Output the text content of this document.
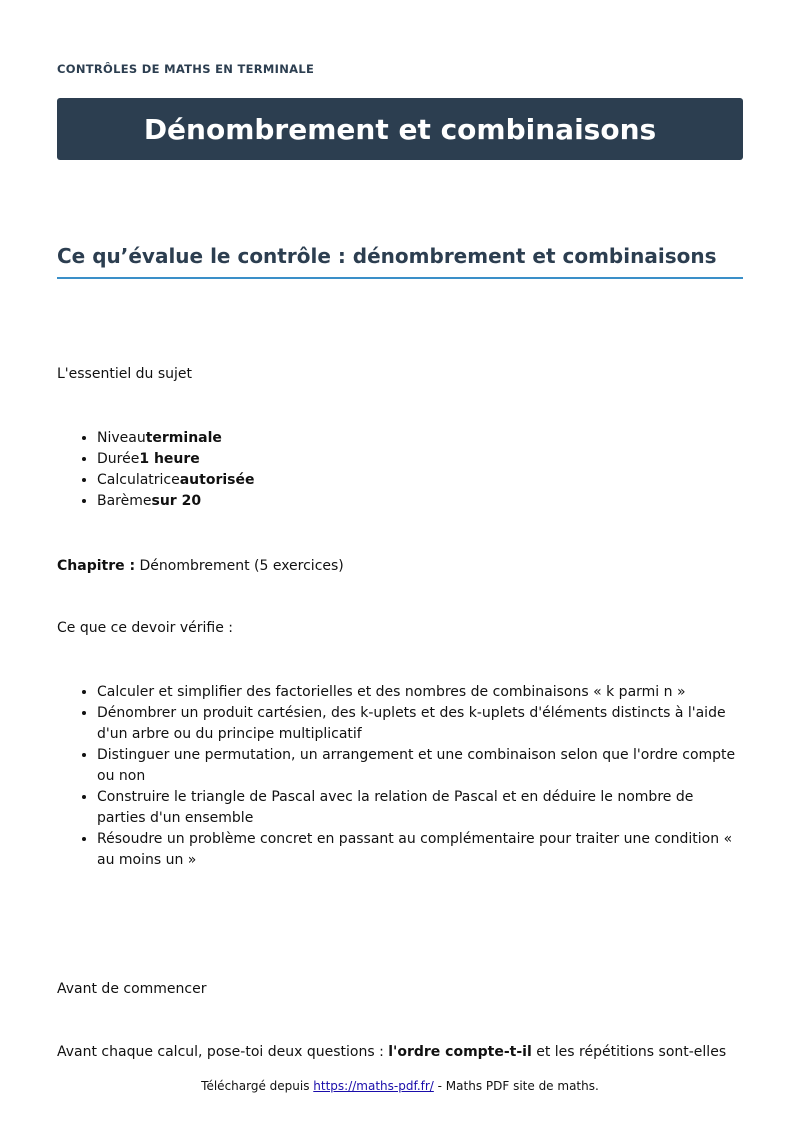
CONTRÔLES DE MATHS EN TERMINALE
Dénombrement et combinaisons
Ce qu’évalue le contrôle : dénombrement et combinaisons

L'essentiel du sujet

• Niveauterminale
• Durée1 heure
• Calculatriceautorisée
• Barèmesur 20

Chapitre : Dénombrement (5 exercices)

Ce que ce devoir vérifie :

• Calculer et simplifier des factorielles et des nombres de combinaisons « k parmi n »
• Dénombrer un produit cartésien, des k-uplets et des k-uplets d'éléments distincts à l'aide d'un arbre ou du principe multiplicatif
• Distinguer une permutation, un arrangement et une combinaison selon que l'ordre compte ou non
• Construire le triangle de Pascal avec la relation de Pascal et en déduire le nombre de parties d'un ensemble
• Résoudre un problème concret en passant au complémentaire pour traiter une condition « au moins un »

Avant de commencer

Avant chaque calcul, pose-toi deux questions : l'ordre compte-t-il et les répétitions sont-elles

Téléchargé depuis https://maths-pdf.fr/ - Maths PDF site de maths.
